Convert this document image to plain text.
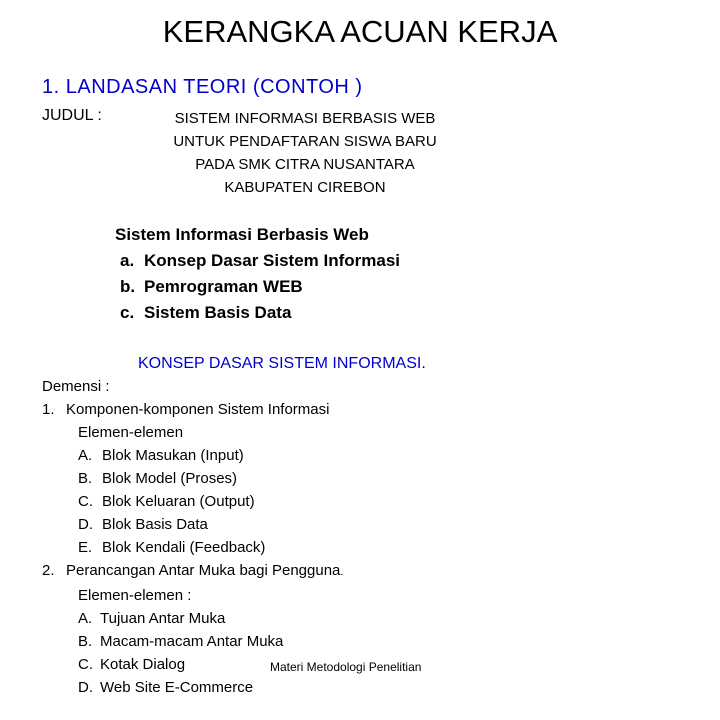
KERANGKA ACUAN KERJA
1. LANDASAN TEORI (CONTOH )
JUDUL :	SISTEM INFORMASI BERBASIS WEB
UNTUK PENDAFTARAN SISWA BARU
PADA SMK CITRA NUSANTARA
KABUPATEN CIREBON
Sistem Informasi Berbasis Web
a. Konsep Dasar Sistem Informasi
b. Pemrograman WEB
c. Sistem Basis Data
KONSEP DASAR SISTEM INFORMASI.
Demensi :
1. Komponen-komponen Sistem Informasi
Elemen-elemen
A. Blok Masukan (Input)
B. Blok Model (Proses)
C. Blok Keluaran (Output)
D. Blok Basis Data
E. Blok Kendali (Feedback)
2. Perancangan Antar Muka bagi Pengguna.
Elemen-elemen :
A. Tujuan Antar Muka
B. Macam-macam Antar Muka
C. Kotak Dialog
D. Web Site E-Commerce
Materi Metodologi Penelitian
